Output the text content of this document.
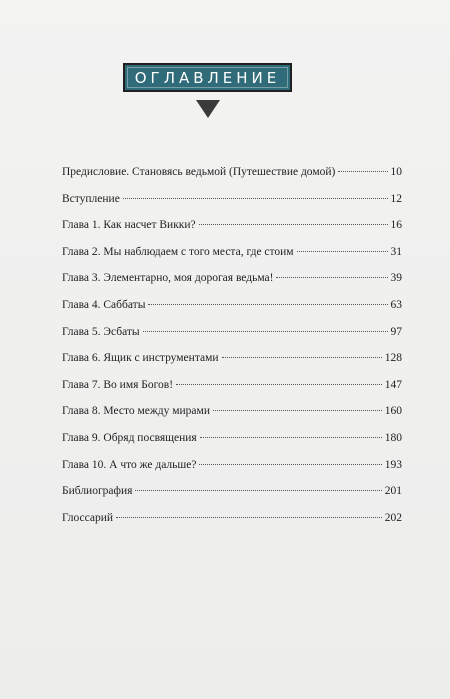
ОГЛАВЛЕНИЕ
Предисловие. Становясь ведьмой (Путешествие домой)	10
Вступление	12
Глава 1. Как насчет Викки?	16
Глава 2. Мы наблюдаем с того места, где стоим	31
Глава 3. Элементарно, моя дорогая ведьма!	39
Глава 4. Саббаты	63
Глава 5. Эсбаты	97
Глава 6. Ящик с инструментами	128
Глава 7. Во имя Богов!	147
Глава 8. Место между мирами	160
Глава 9. Обряд посвящения	180
Глава 10. А что же дальше?	193
Библиография	201
Глоссарий	202
